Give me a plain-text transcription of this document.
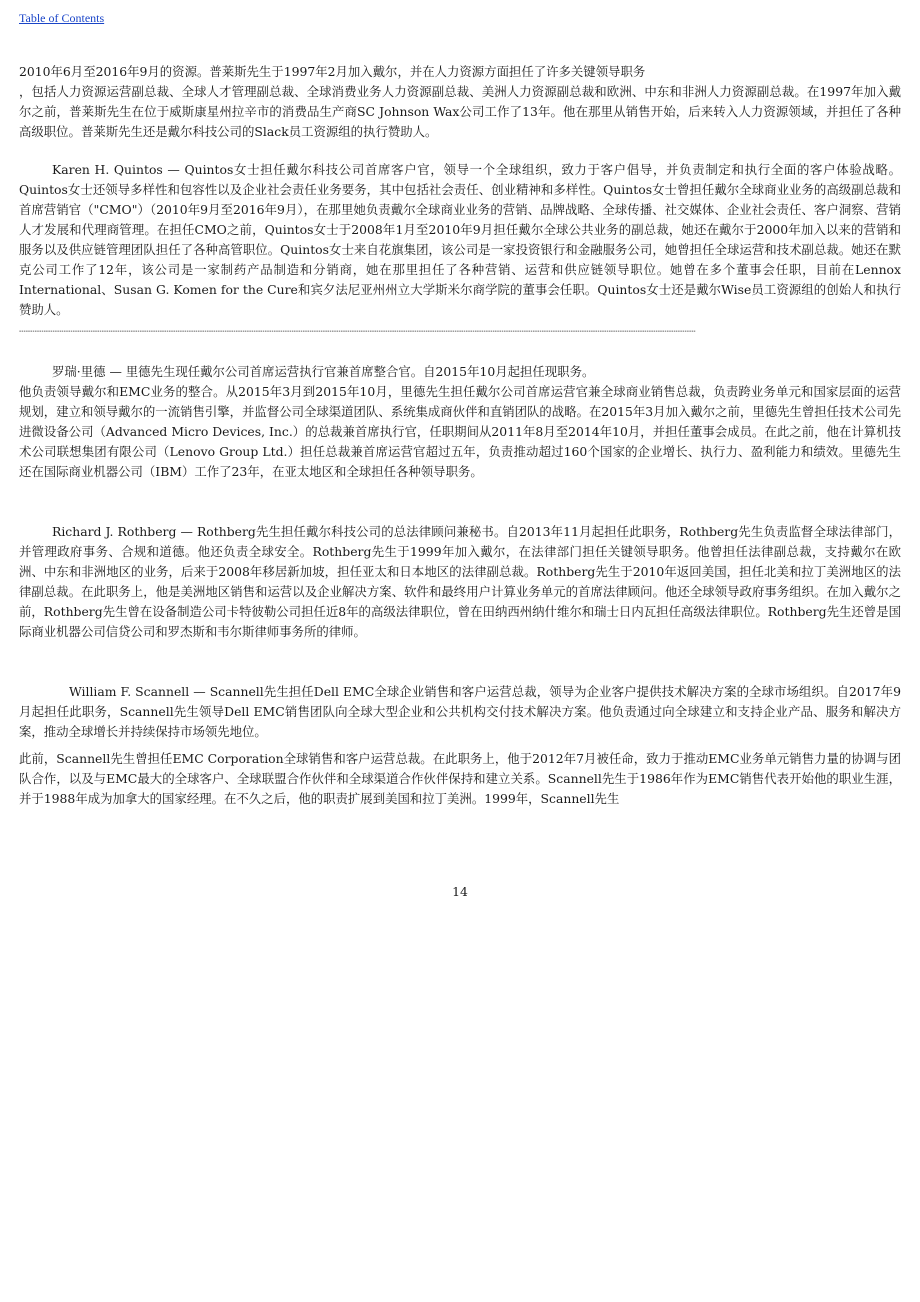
Table of Contents

2010年6月至2016年9月的资源。普莱斯先生于1997年2月加入戴尔，并在人力资源方面担任了许多关键领导职务

，包括人力资源运营副总裁、全球人才管理副总裁、全球消费业务人力资源副总裁、美洲人力资源副总裁和欧洲、中东和非洲人力资源副总裁。在1997年加入戴尔之前，普莱斯先生在位于威斯康星州拉辛市的消费品生产商SC Johnson Wax公司工作了13年。他在那里从销售开始，后来转入人力资源领域，并担任了各种高级职位。普莱斯先生还是戴尔科技公司的Slack员工资源组的执行赞助人。

Karen H. Quintos — Quintos女士担任戴尔科技公司首席客户官，领导一个全球组织，致力于客户倡导，并负责制定和执行全面的客户体验战略。Quintos女士还领导多样性和包容性以及企业社会责任业务要务，其中包括社会责任、创业精神和多样性。Quintos女士曾担任戴尔全球商业业务的高级副总裁和首席营销官（"CMO"）（2010年9月至2016年9月），在那里她负责戴尔全球商业业务的营销、品牌战略、全球传播、社交媒体、企业社会责任、客户洞察、营销人才发展和代理商管理。在担任CMO之前，Quintos女士于2008年1月至2010年9月担任戴尔全球公共业务的副总裁，她还在戴尔于2000年加入以来的营销和服务以及供应链管理团队担任了各种高管职位。Quintos女士来自花旗集团，该公司是一家投资银行和金融服务公司，她曾担任全球运营和技术副总裁。她还在默克公司工作了12年，该公司是一家制药产品制造和分销商，她在那里担任了各种营销、运营和供应链领导职位。她曾在多个董事会任职，目前在Lennox International、Susan G. Komen for the Cure和宾夕法尼亚州州立大学斯米尔商学院的董事会任职。Quintos女士还是戴尔Wise员工资源组的创始人和执行赞助人。

▪▪▪▪▪▪▪▪▪▪▪▪▪▪▪▪▪▪▪▪▪▪▪▪▪▪▪▪▪▪▪▪▪▪▪▪▪▪▪▪▪▪▪▪▪▪▪▪▪▪▪▪▪▪▪▪▪▪▪▪▪▪▪▪▪▪▪▪▪▪▪▪▪▪▪▪▪▪▪▪▪▪▪▪▪▪▪▪▪▪▪▪▪▪▪▪▪▪▪▪▪▪▪▪▪▪▪▪▪▪▪▪▪▪▪▪▪▪▪▪▪▪▪▪▪▪▪▪▪▪▪▪▪▪▪▪▪▪▪▪▪▪▪▪▪▪▪▪▪▪▪▪▪▪▪▪▪▪▪▪▪▪▪▪▪▪▪▪▪▪▪▪▪▪▪▪▪▪▪▪▪▪▪▪▪▪▪▪▪▪▪▪▪▪▪▪▪▪▪▪▪▪▪▪▪▪▪▪▪▪▪▪▪▪▪▪▪▪▪▪▪▪▪▪▪▪▪▪▪▪▪▪▪▪▪▪▪▪▪▪▪▪▪▪▪▪▪▪▪▪▪▪▪▪▪▪▪▪▪▪▪▪▪▪▪▪▪▪▪▪▪▪▪▪▪▪▪▪▪▪▪▪▪▪▪▪▪▪▪▪▪▪▪▪▪▪▪▪▪▪▪▪▪
罗瑞·里德 — 里德先生现任戴尔公司首席运营执行官兼首席整合官。自2015年10月起担任现职务。

他负责领导戴尔和EMC业务的整合。从2015年3月到2015年10月，里德先生担任戴尔公司首席运营官兼全球商业销售总裁，负责跨业务单元和国家层面的运营规划，建立和领导戴尔的一流销售引擎，并监督公司全球渠道团队、系统集成商伙伴和直销团队的战略。在2015年3月加入戴尔之前，里德先生曾担任技术公司先进微设备公司（Advanced Micro Devices, Inc.）的总裁兼首席执行官，任职期间从2011年8月至2014年10月，并担任董事会成员。在此之前，他在计算机技术公司联想集团有限公司（Lenovo Group Ltd.）担任总裁兼首席运营官超过五年，负责推动超过160个国家的企业增长、执行力、盈利能力和绩效。里德先生还在国际商业机器公司（IBM）工作了23年，在亚太地区和全球担任各种领导职务。

Richard J. Rothberg — Rothberg先生担任戴尔科技公司的总法律顾问兼秘书。自2013年11月起担任此职务，Rothberg先生负责监督全球法律部门，并管理政府事务、合规和道德。他还负责全球安全。Rothberg先生于1999年加入戴尔，在法律部门担任关键领导职务。他曾担任法律副总裁，支持戴尔在欧洲、中东和非洲地区的业务，后来于2008年移居新加坡，担任亚太和日本地区的法律副总裁。Rothberg先生于2010年返回美国，担任北美和拉丁美洲地区的法律副总裁。在此职务上，他是美洲地区销售和运营以及企业解决方案、软件和最终用户计算业务单元的首席法律顾问。他还全球领导政府事务组织。在加入戴尔之前，Rothberg先生曾在设备制造公司卡特彼勒公司担任近8年的高级法律职位，曾在田纳西州纳什维尔和瑞士日内瓦担任高级法律职位。Rothberg先生还曾是国际商业机器公司信贷公司和罗杰斯和韦尔斯律师事务所的律师。

William F. Scannell — Scannell先生担任Dell EMC全球企业销售和客户运营总裁，领导为企业客户提供技术解决方案的全球市场组织。自2017年9月起担任此职务，Scannell先生领导Dell EMC销售团队向全球大型企业和公共机构交付技术解决方案。他负责通过向全球建立和支持企业产品、服务和解决方案，推动全球增长并持续保持市场领先地位。

此前，Scannell先生曾担任EMC Corporation全球销售和客户运营总裁。在此职务上，他于2012年7月被任命，致力于推动EMC业务单元销售力量的协调与团队合作，以及与EMC最大的全球客户、全球联盟合作伙伴和全球渠道合作伙伴保持和建立关系。Scannell先生于1986年作为EMC销售代表开始他的职业生涯，并于1988年成为加拿大的国家经理。在不久之后，他的职责扩展到美国和拉丁美洲。1999年，Scannell先生

14
